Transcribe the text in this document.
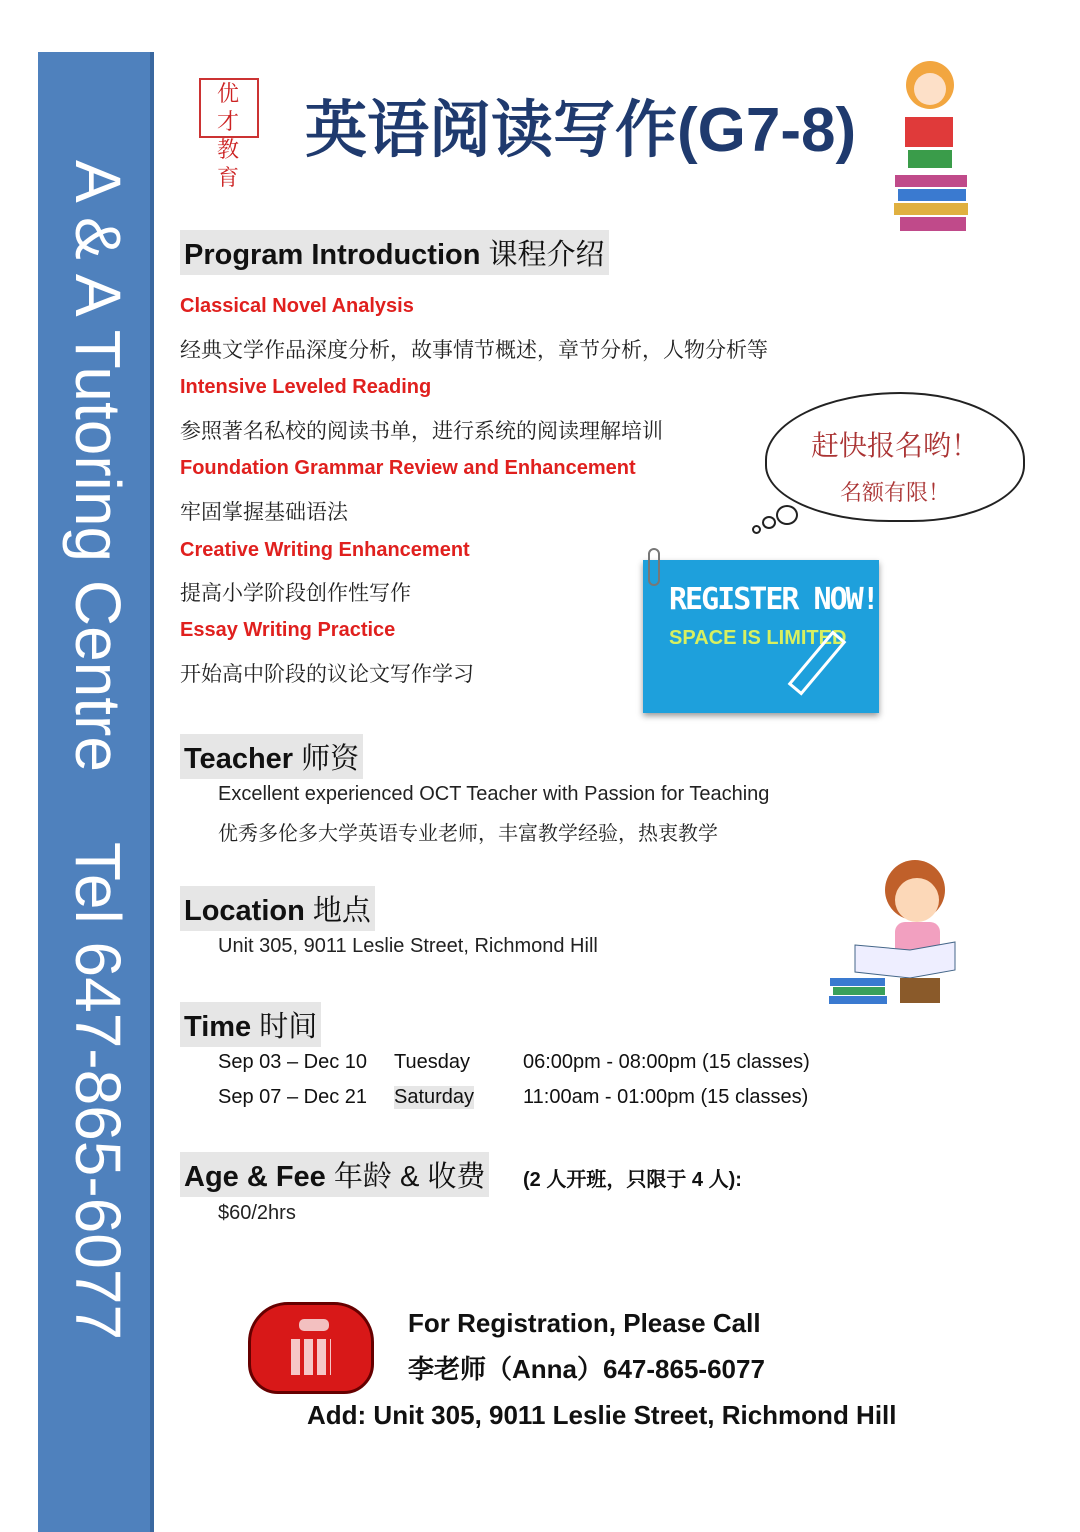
A & A Tutoring Centre    Tel 647-865-6077
优 才
教 育
英语阅读写作(G7-8)
Program Introduction 课程介绍
Classical Novel Analysis
经典文学作品深度分析，故事情节概述，章节分析，人物分析等
Intensive Leveled Reading
参照著名私校的阅读书单，进行系统的阅读理解培训
Foundation Grammar Review and Enhancement
牢固掌握基础语法
Creative Writing Enhancement
提高小学阶段创作性写作
Essay Writing Practice
开始高中阶段的议论文写作学习
赶快报名哟！
名额有限！
REGISTER NOW!
SPACE IS LIMITED
Teacher 师资
Excellent experienced OCT Teacher with Passion for Teaching
优秀多伦多大学英语专业老师，丰富教学经验，热衷教学
Location 地点
Unit 305, 9011 Leslie Street, Richmond Hill
Time 时间
Sep 03 – Dec 10 Tuesday	06:00pm - 08:00pm (15 classes)
Sep 07 – Dec 21 Saturday 11:00am - 01:00pm (15 classes)
Age & Fee 年龄 & 收费 (2 人开班，只限于 4 人):
$60/2hrs
For Registration, Please Call
李老师（Anna）647-865-6077
Add: Unit 305, 9011 Leslie Street, Richmond Hill
